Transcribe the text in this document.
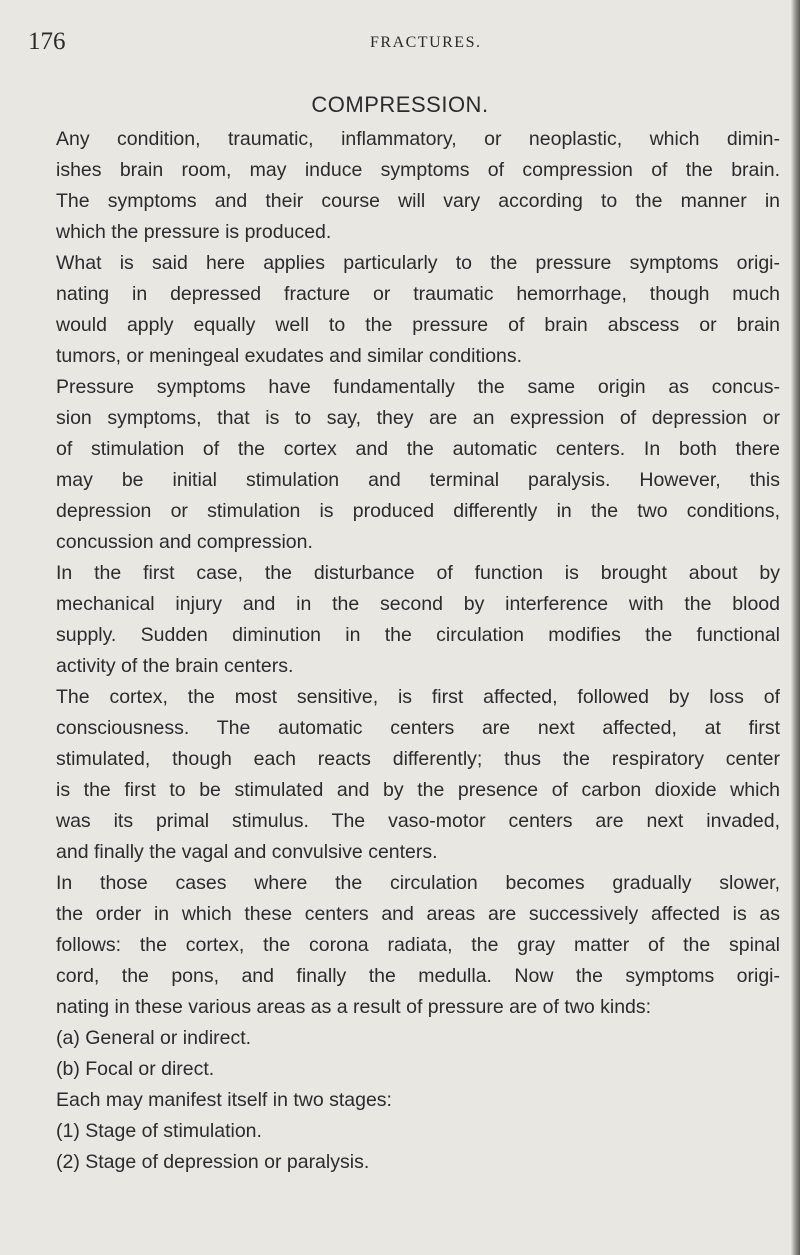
176	FRACTURES.
COMPRESSION.
Any condition, traumatic, inflammatory, or neoplastic, which dimin-
ishes brain room, may induce symptoms of compression of the brain.
The symptoms and their course will vary according to the manner in
which the pressure is produced.
What is said here applies particularly to the pressure symptoms origi-
nating in depressed fracture or traumatic hemorrhage, though much
would apply equally well to the pressure of brain abscess or brain
tumors, or meningeal exudates and similar conditions.
Pressure symptoms have fundamentally the same origin as concus-
sion symptoms, that is to say, they are an expression of depression or
of stimulation of the cortex and the automatic centers. In both there
may be initial stimulation and terminal paralysis. However, this
depression or stimulation is produced differently in the two conditions,
concussion and compression.
In the first case, the disturbance of function is brought about by
mechanical injury and in the second by interference with the blood
supply. Sudden diminution in the circulation modifies the functional
activity of the brain centers.
The cortex, the most sensitive, is first affected, followed by loss of
consciousness. The automatic centers are next affected, at first
stimulated, though each reacts differently; thus the respiratory center
is the first to be stimulated and by the presence of carbon dioxide which
was its primal stimulus. The vaso-motor centers are next invaded,
and finally the vagal and convulsive centers.
In those cases where the circulation becomes gradually slower,
the order in which these centers and areas are successively affected is as
follows: the cortex, the corona radiata, the gray matter of the spinal
cord, the pons, and finally the medulla. Now the symptoms origi-
nating in these various areas as a result of pressure are of two kinds:
(a) General or indirect.
(b) Focal or direct.
Each may manifest itself in two stages:
(1) Stage of stimulation.
(2) Stage of depression or paralysis.
